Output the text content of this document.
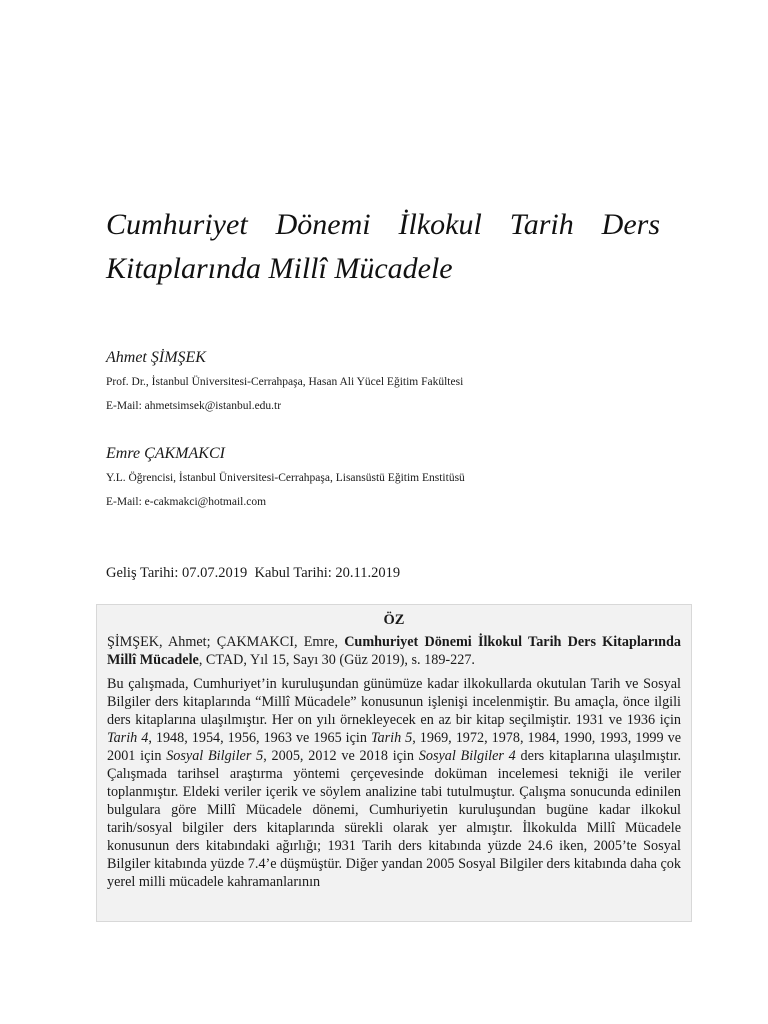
Cumhuriyet Dönemi İlkokul Tarih Ders Kitaplarında Millî Mücadele

Ahmet ŞİMŞEK

Prof. Dr., İstanbul Üniversitesi-Cerrahpaşa, Hasan Ali Yücel Eğitim Fakültesi

E-Mail: ahmetsimsek@istanbul.edu.tr

Emre ÇAKMAKCI

Y.L. Öğrencisi, İstanbul Üniversitesi-Cerrahpaşa, Lisansüstü Eğitim Enstitüsü

E-Mail: e-cakmakci@hotmail.com

Geliş Tarihi: 07.07.2019 Kabul Tarihi: 20.11.2019

ÖZ

ŞİMŞEK, Ahmet; ÇAKMAKCI, Emre, Cumhuriyet Dönemi İlkokul Tarih Ders Kitaplarında Millî Mücadele, CTAD, Yıl 15, Sayı 30 (Güz 2019), s. 189-227.

Bu çalışmada, Cumhuriyet’in kuruluşundan günümüze kadar ilkokullarda okutulan Tarih ve Sosyal Bilgiler ders kitaplarında “Millî Mücadele” konusunun işlenişi incelenmiştir. Bu amaçla, önce ilgili ders kitaplarına ulaşılmıştır. Her on yılı örnekleyecek en az bir kitap seçilmiştir. 1931 ve 1936 için Tarih 4, 1948, 1954, 1956, 1963 ve 1965 için Tarih 5, 1969, 1972, 1978, 1984, 1990, 1993, 1999 ve 2001 için Sosyal Bilgiler 5, 2005, 2012 ve 2018 için Sosyal Bilgiler 4 ders kitaplarına ulaşılmıştır. Çalışmada tarihsel araştırma yöntemi çerçevesinde doküman incelemesi tekniği ile veriler toplanmıştır. Eldeki veriler içerik ve söylem analizine tabi tutulmuştur. Çalışma sonucunda edinilen bulgulara göre Millî Mücadele dönemi, Cumhuriyetin kuruluşundan bugüne kadar ilkokul tarih/sosyal bilgiler ders kitaplarında sürekli olarak yer almıştır. İlkokulda Millî Mücadele konusunun ders kitabındaki ağırlığı; 1931 Tarih ders kitabında yüzde 24.6 iken, 2005’te Sosyal Bilgiler kitabında yüzde 7.4’e düşmüştür. Diğer yandan 2005 Sosyal Bilgiler ders kitabında daha çok yerel milli mücadele kahramanlarının
